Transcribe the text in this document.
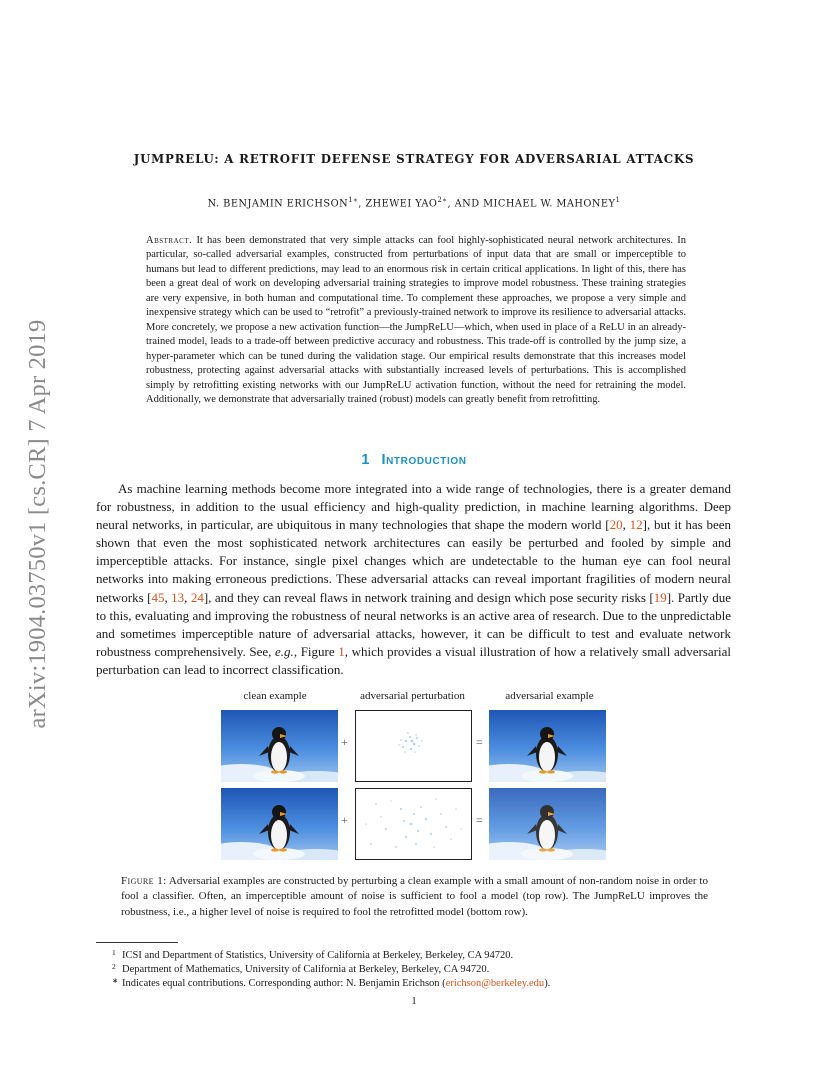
arXiv:1904.03750v1 [cs.CR] 7 Apr 2019
JUMPRELU: A RETROFIT DEFENSE STRATEGY FOR ADVERSARIAL ATTACKS
N. BENJAMIN $ERICHSON^{1∗}$, ZHEWEI $YAO^{2∗}$, AND MICHAEL W. MAHONEY$^1$
Abstract. It has been demonstrated that very simple attacks can fool highly-sophisticated neural network architectures. In particular, so-called adversarial examples, constructed from perturbations of input data that are small or imperceptible to humans but lead to different predictions, may lead to an enormous risk in certain critical applications. In light of this, there has been a great deal of work on developing adversarial training strategies to improve model robustness. These training strategies are very expensive, in both human and computational time. To complement these approaches, we propose a very simple and inexpensive strategy which can be used to “retrofit” a previously-trained network to improve its resilience to adversarial attacks. More concretely, we propose a new activation function—the JumpReLU—which, when used in place of a ReLU in an already-trained model, leads to a trade-off between predictive accuracy and robustness. This trade-off is controlled by the jump size, a hyper-parameter which can be tuned during the validation stage. Our empirical results demonstrate that this increases model robustness, protecting against adversarial attacks with substantially increased levels of perturbations. This is accomplished simply by retrofitting existing networks with our JumpReLU activation function, without the need for retraining the model. Additionally, we demonstrate that adversarially trained (robust) models can greatly benefit from retrofitting.
1 Introduction
As machine learning methods become more integrated into a wide range of technologies, there is a greater demand for robustness, in addition to the usual efficiency and high-quality prediction, in machine learning algorithms. Deep neural networks, in particular, are ubiquitous in many technologies that shape the modern world [20, 12], but it has been shown that even the most sophisticated network architectures can easily be perturbed and fooled by simple and imperceptible attacks. For instance, single pixel changes which are undetectable to the human eye can fool neural networks into making erroneous predictions. These adversarial attacks can reveal important fragilities of modern neural networks [45, 13, 24], and they can reveal flaws in network training and design which pose security risks [19]. Partly due to this, evaluating and improving the robustness of neural networks is an active area of research. Due to the unpredictable and sometimes imperceptible nature of adversarial attacks, however, it can be difficult to test and evaluate network robustness comprehensively. See, e.g., Figure 1, which provides a visual illustration of how a relatively small adversarial perturbation can lead to incorrect classification.
clean example	adversarial perturbation	adversarial example
+	=
+	=
Figure 1: Adversarial examples are constructed by perturbing a clean example with a small amount of non-random noise in order to fool a classifier. Often, an imperceptible amount of noise is sufficient to fool a model (top row). The JumpReLU improves the robustness, i.e., a higher level of noise is required to fool the retrofitted model (bottom row).
1 ICSI and Department of Statistics, University of California at Berkeley, Berkeley, CA 94720.
2 Department of Mathematics, University of California at Berkeley, Berkeley, CA 94720.
∗ Indicates equal contributions. Corresponding author: N. Benjamin Erichson (erichson@berkeley.edu).
1
